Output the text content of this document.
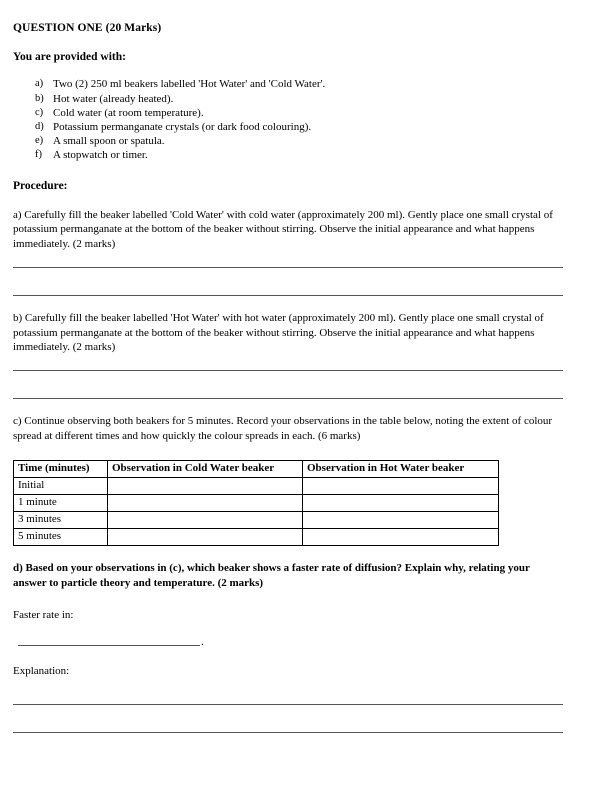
QUESTION ONE (20 Marks)
You are provided with:
a) Two (2) 250 ml beakers labelled 'Hot Water' and 'Cold Water'.
b) Hot water (already heated).
c) Cold water (at room temperature).
d) Potassium permanganate crystals (or dark food colouring).
e) A small spoon or spatula.
f)	A stopwatch or timer.
Procedure:
a) Carefully fill the beaker labelled 'Cold Water' with cold water (approximately 200 ml). Gently place one small crystal of potassium permanganate at the bottom of the beaker without stirring. Observe the initial appearance and what happens immediately. (2 marks)
b) Carefully fill the beaker labelled 'Hot Water' with hot water (approximately 200 ml). Gently place one small crystal of potassium permanganate at the bottom of the beaker without stirring. Observe the initial appearance and what happens immediately. (2 marks)
c) Continue observing both beakers for 5 minutes. Record your observations in the table below, noting the extent of colour spread at different times and how quickly the colour spreads in each. (6 marks)
Time (minutes)	Observation in Cold Water beaker	Observation in Hot Water beaker
Initial		
1 minute		
3 minutes		
5 minutes		
d) Based on your observations in (c), which beaker shows a faster rate of diffusion? Explain why, relating your answer to particle theory and temperature. (2 marks)
Faster rate in:
.
Explanation:
